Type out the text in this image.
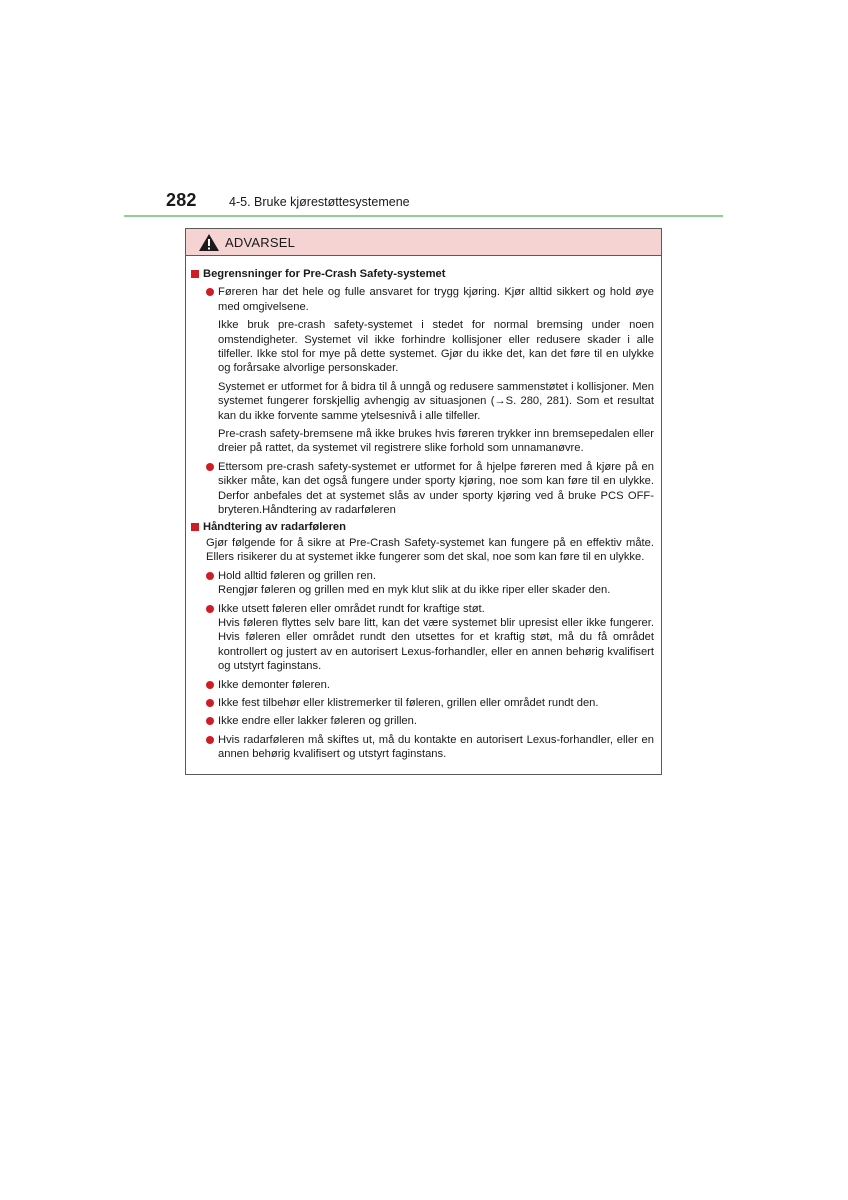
282	4-5. Bruke kjørestøttesystemene
ADVARSEL
Begrensninger for Pre-Crash Safety-systemet

Føreren har det hele og fulle ansvaret for trygg kjøring. Kjør alltid sikkert og hold øye med omgivelsene.

Ikke bruk pre-crash safety-systemet i stedet for normal bremsing under noen omstendigheter. Systemet vil ikke forhindre kollisjoner eller redusere skader i alle tilfeller. Ikke stol for mye på dette systemet. Gjør du ikke det, kan det føre til en ulykke og forårsake alvorlige personskader.

Systemet er utformet for å bidra til å unngå og redusere sammenstøtet i kollisjoner. Men systemet fungerer forskjellig avhengig av situasjonen (→S. 280, 281). Som et resultat kan du ikke forvente samme ytelsesnivå i alle tilfeller.

Pre-crash safety-bremsene må ikke brukes hvis føreren trykker inn bremsepedalen eller dreier på rattet, da systemet vil registrere slike forhold som unnamanøvre.

Ettersom pre-crash safety-systemet er utformet for å hjelpe føreren med å kjøre på en sikker måte, kan det også fungere under sporty kjøring, noe som kan føre til en ulykke. Derfor anbefales det at systemet slås av under sporty kjøring ved å bruke PCS OFF-bryteren.Håndtering av radarføleren

Håndtering av radarføleren

Gjør følgende for å sikre at Pre-Crash Safety-systemet kan fungere på en effektiv måte. Ellers risikerer du at systemet ikke fungerer som det skal, noe som kan føre til en ulykke.

Hold alltid føleren og grillen ren.

Rengjør føleren og grillen med en myk klut slik at du ikke riper eller skader den.

Ikke utsett føleren eller området rundt for kraftige støt.

Hvis føleren flyttes selv bare litt, kan det være systemet blir upresist eller ikke fungerer. Hvis føleren eller området rundt den utsettes for et kraftig støt, må du få området kontrollert og justert av en autorisert Lexus-forhandler, eller en annen behørig kvalifisert og utstyrt faginstans.

Ikke demonter føleren.

Ikke fest tilbehør eller klistremerker til føleren, grillen eller området rundt den.

Ikke endre eller lakker føleren og grillen.

Hvis radarføleren må skiftes ut, må du kontakte en autorisert Lexus-forhandler, eller en annen behørig kvalifisert og utstyrt faginstans.
